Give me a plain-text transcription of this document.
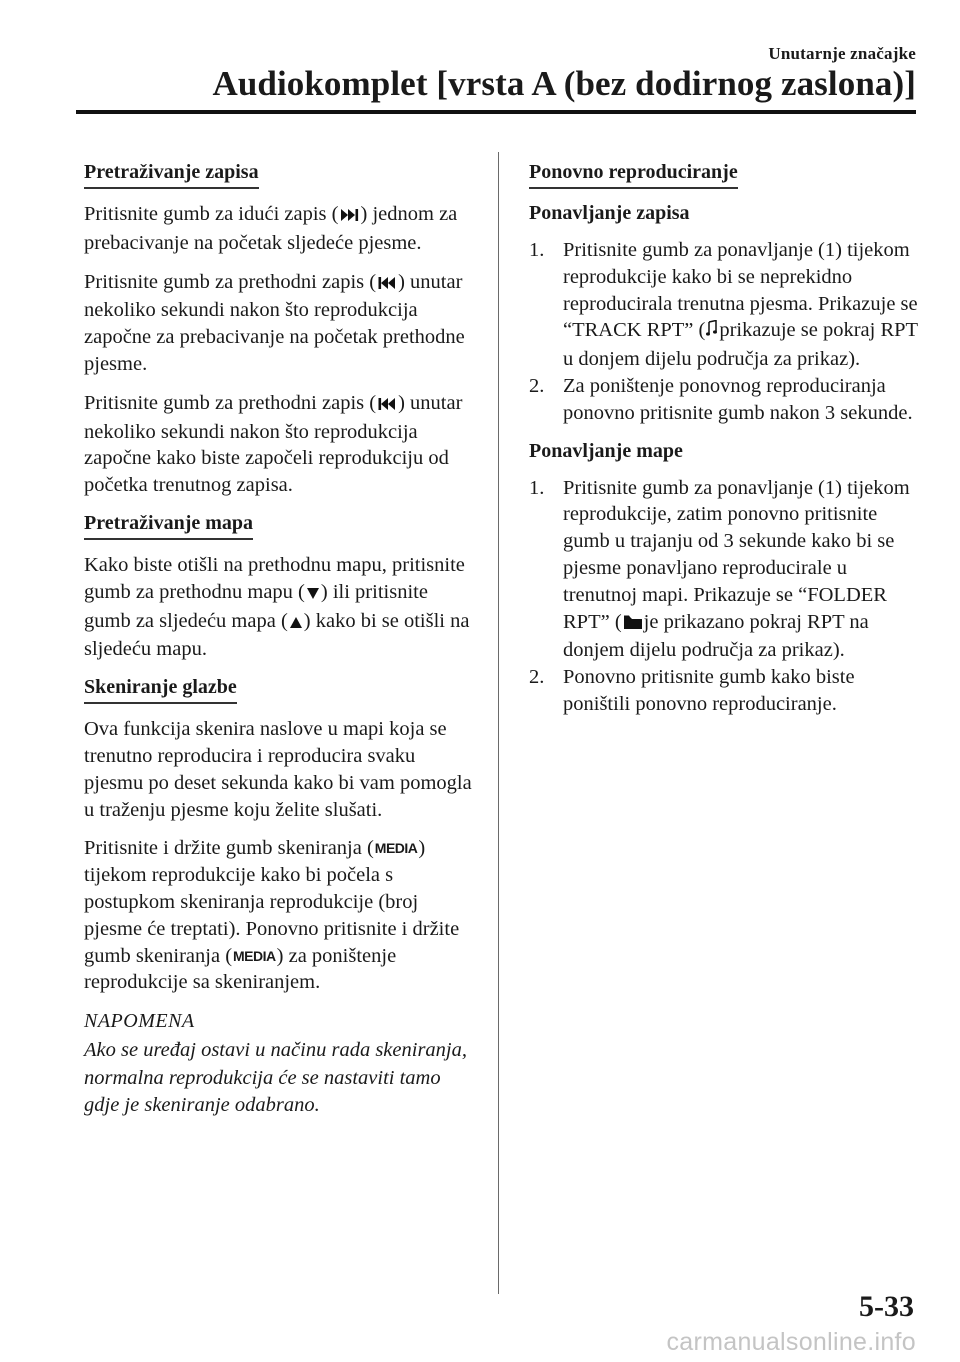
Unutarnje značajke
Audiokomplet [vrsta A (bez dodirnog zaslona)]
Pretraživanje zapisa

Pritisnite gumb za idući zapis ( ) jednom za prebacivanje na početak sljedeće pjesme.

Pritisnite gumb za prethodni zapis ( ) unutar nekoliko sekundi nakon što reprodukcija započne za prebacivanje na početak prethodne pjesme.

Pritisnite gumb za prethodni zapis ( ) unutar nekoliko sekundi nakon što reprodukcija započne kako biste započeli reprodukciju od početka trenutnog zapisa.

Pretraživanje mapa

Kako biste otišli na prethodnu mapu, pritisnite gumb za prethodnu mapu ( ) ili pritisnite gumb za sljedeću mapa ( ) kako bi se otišli na sljedeću mapu.

Skeniranje glazbe

Ova funkcija skenira naslove u mapi koja se trenutno reproducira i reproducira svaku pjesmu po deset sekunda kako bi vam pomogla u traženju pjesme koju želite slušati.

Pritisnite i držite gumb skeniranja (MEDIA) tijekom reprodukcije kako bi počela s postupkom skeniranja reprodukcije (broj pjesme će treptati). Ponovno pritisnite i držite gumb skeniranja (MEDIA) za poništenje reprodukcije sa skeniranjem.

NAPOMENA

Ako se uređaj ostavi u načinu rada skeniranja, normalna reprodukcija će se nastaviti tamo gdje je skeniranje odabrano.

Ponovno reproduciranje
Ponavljanje zapisa
1. Pritisnite gumb za ponavljanje (1) tijekom reprodukcije kako bi se neprekidno reproducirala trenutna pjesma. Prikazuje se “TRACK RPT” ( prikazuje se pokraj RPT u donjem dijelu područja za prikaz).
2. Za poništenje ponovnog reproduciranja ponovno pritisnite gumb nakon 3 sekunde.
Ponavljanje mape
1. Pritisnite gumb za ponavljanje (1) tijekom reprodukcije, zatim ponovno pritisnite gumb u trajanju od 3 sekunde kako bi se pjesme ponavljano reproducirale u trenutnoj mapi. Prikazuje se “FOLDER RPT” ( je prikazano pokraj RPT na donjem dijelu područja za prikaz).
2. Ponovno pritisnite gumb kako biste poništili ponovno reproduciranje.
5-33
carmanualsonline.info
